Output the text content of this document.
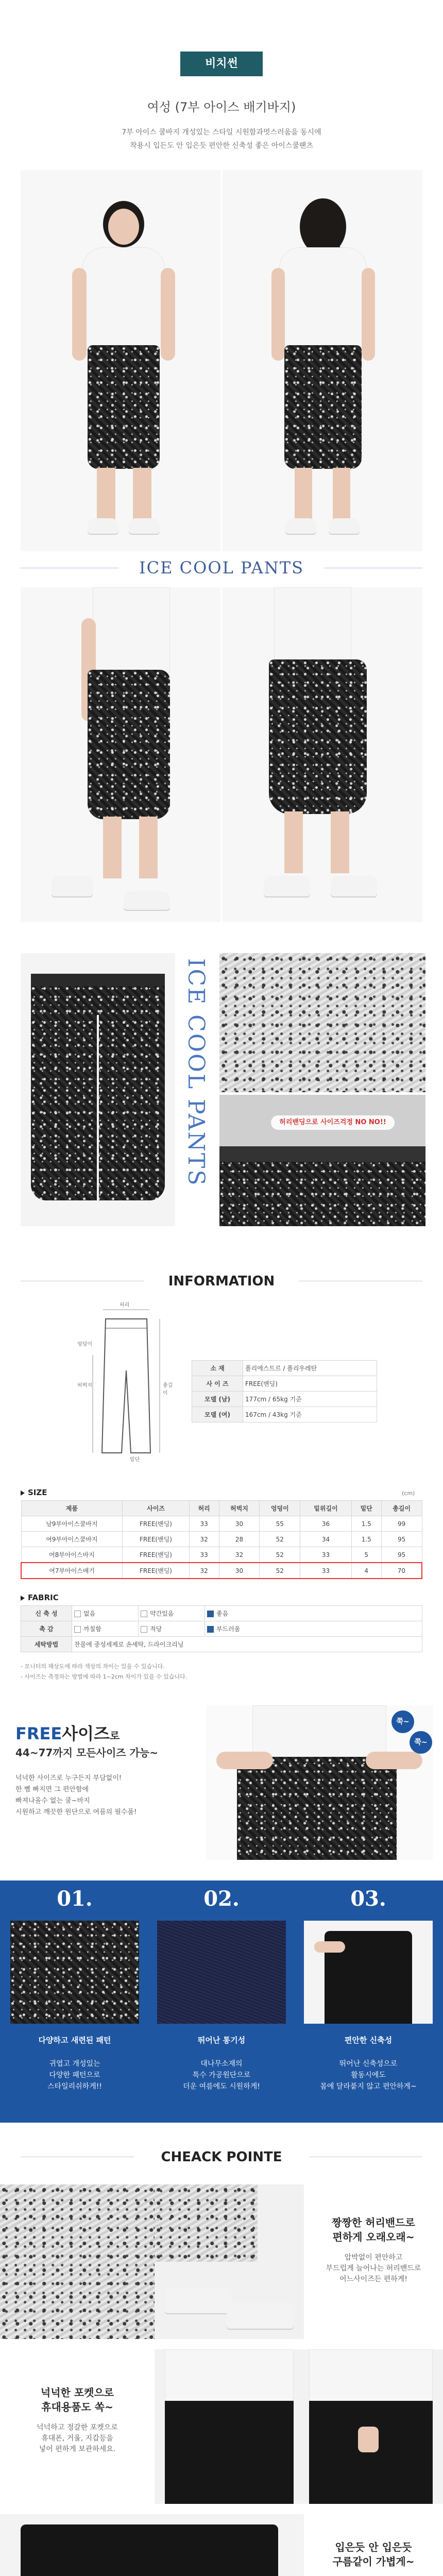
비치썬
여성 (7부 아이스 배기바지)
7부 아이스 쿨바지 개성있는 스타일 시원함과멋스러움을 동시에
착용시 입든도 안 입은듯 편안한 신축성 좋은 아이스쿨팬츠
ICE COOL PANTS
ICE COOL PANTS	허리밴딩으로 사이즈걱정 NO NO!!
INFORMATION
허리
엉덩이
허벅지	총길이
밑단
소 재	폴리에스트르 / 폴리우레탄
사 이 즈	FREE(밴딩)
모델 (남)	177cm / 65kg 기준
모델 (여)	167cm / 43kg 기준
SIZE	(cm)
제품	사이즈	허리	허벅지	엉덩이	밑위길이	밑단	총길이
남9부아이스쿨바지	FREE(밴딩)	33	30	55	36	1.5	99
여9부아이스쿨바지	FREE(밴딩)	32	28	52	34	1.5	95
여8부아이스바지	FREE(밴딩)	33	32	52	33	5	95
여7부아이스배기	FREE(밴딩)	32	30	52	33	4	70
FABRIC
신 축 성	없음	약간있음	좋음
촉 감	까칠함	적당	부드러움
세탁방법	찬물에 중성세제로 손세탁, 드라이크리닝		
- 모니터의 해상도에 따라 색상의 차이는 있을 수 있습니다.
- 사이즈는 측정하는 방법에 따라 1~2cm 차이가 있을 수 있습니다.
FREE사이즈로
44~77까지 모든사이즈 가능~
넉넉한 사이즈로 누구든지 부담없이!
한 뼘 빠지면 그 편안함에
빠져나올수 없는 쿨~바지
시원하고 깨끗한 원단으로 여름의 필수품!
쭉~
쭉~
01.
다양하고 새련된 패턴
귀엽고 개성있는
다양한 패턴으로
스타일리쉬하게!!
02.
뛰어난 통기성
대나무소재의
특수 가공원단으로
더운 여름에도 시원하게!
03.
편안한 신축성
뛰어난 신축성으로
활동시에도
몸에 달라붙지 않고 편안하게~
CHEACK POINTE
짱짱한 허리밴드로
편하게 오래오래~
압박없이 편안하고
부드럽게 늘어나는 허리밴드로
어느사이즈든 편하게!
넉넉한 포켓으로
휴대용품도 쏙~
넉넉하고 정갈한 포켓으로
휴대폰, 거울, 지갑등을
넣어 편하게 보관하세요.
입은듯 안 입은듯
구름같이 가볍게~
